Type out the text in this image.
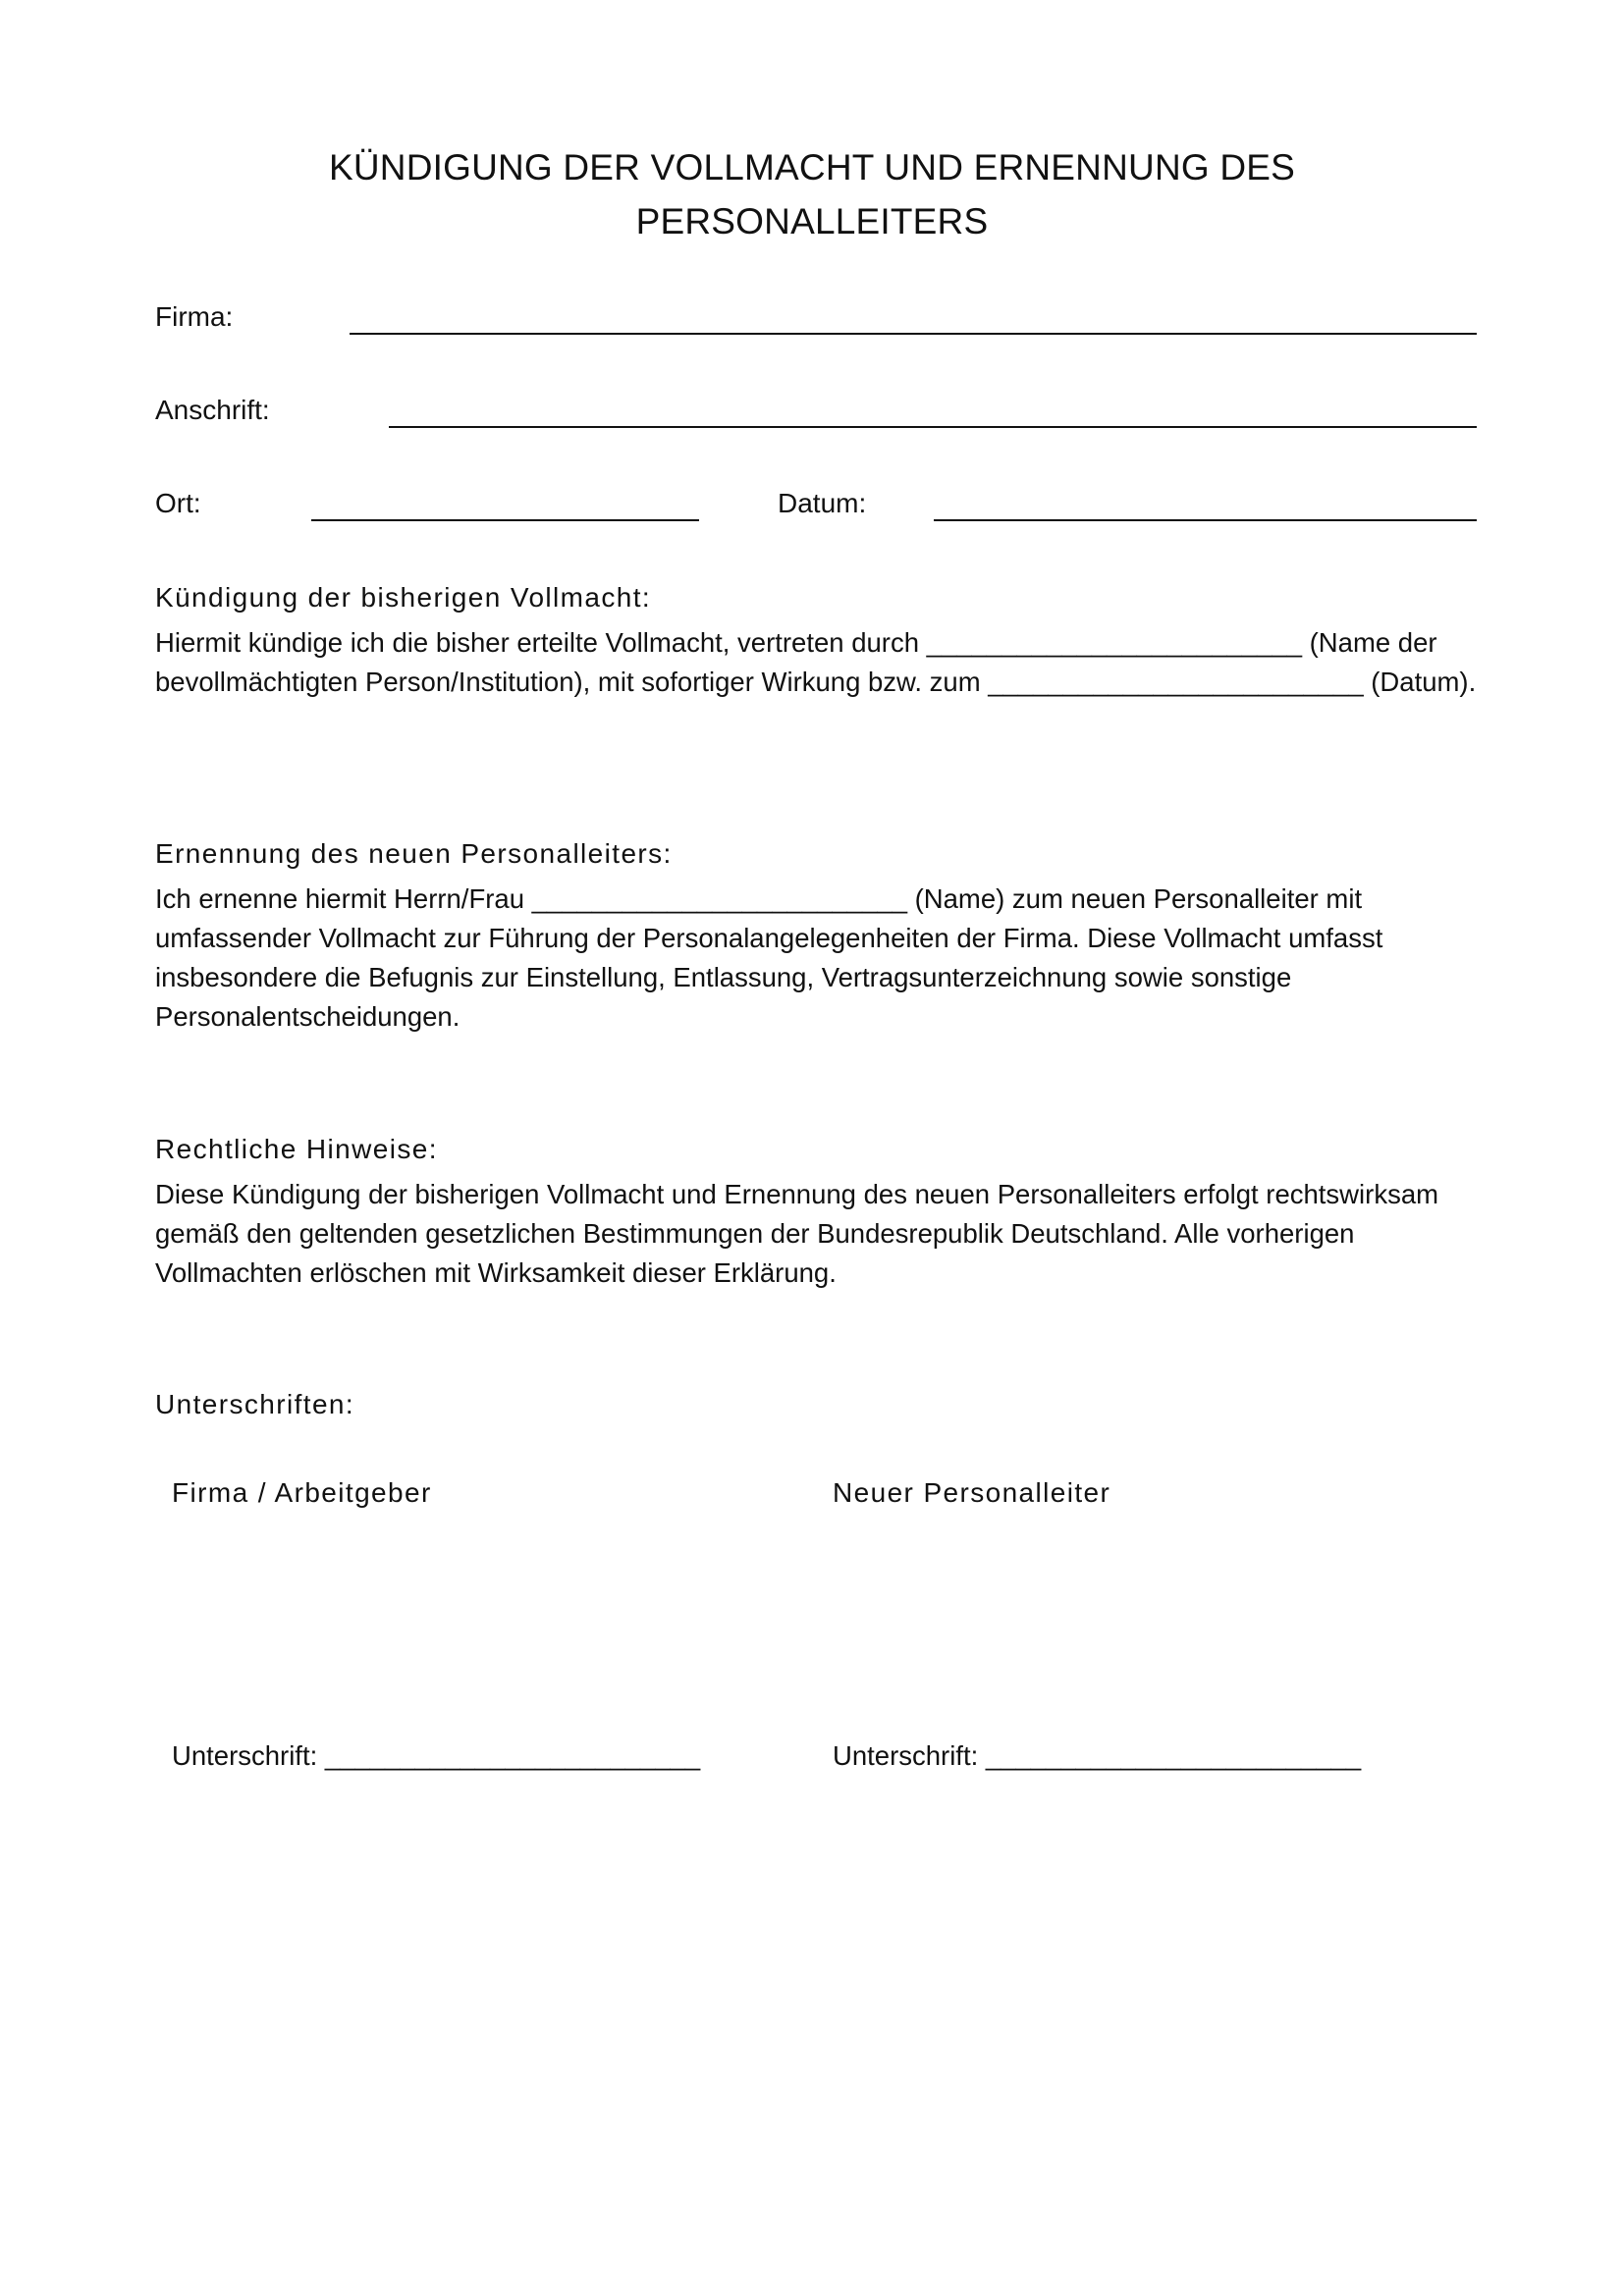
KÜNDIGUNG DER VOLLMACHT UND ERNENNUNG DES PERSONALLEITERS
Firma:
Anschrift:
Ort:	Datum:
Kündigung der bisherigen Vollmacht:

Hiermit kündige ich die bisher erteilte Vollmacht, vertreten durch _________________________ (Name der bevollmächtigten Person/Institution), mit sofortiger Wirkung bzw. zum _________________________ (Datum).

Ernennung des neuen Personalleiters:

Ich ernenne hiermit Herrn/Frau _________________________ (Name) zum neuen Personalleiter mit umfassender Vollmacht zur Führung der Personalangelegenheiten der Firma. Diese Vollmacht umfasst insbesondere die Befugnis zur Einstellung, Entlassung, Vertragsunterzeichnung sowie sonstige Personalentscheidungen.

Rechtliche Hinweise:

Diese Kündigung der bisherigen Vollmacht und Ernennung des neuen Personalleiters erfolgt rechtswirksam gemäß den geltenden gesetzlichen Bestimmungen der Bundesrepublik Deutschland. Alle vorherigen Vollmachten erlöschen mit Wirksamkeit dieser Erklärung.

Unterschriften:
Firma / Arbeitgeber	Neuer Personalleiter
Unterschrift: _________________________	Unterschrift: _________________________
